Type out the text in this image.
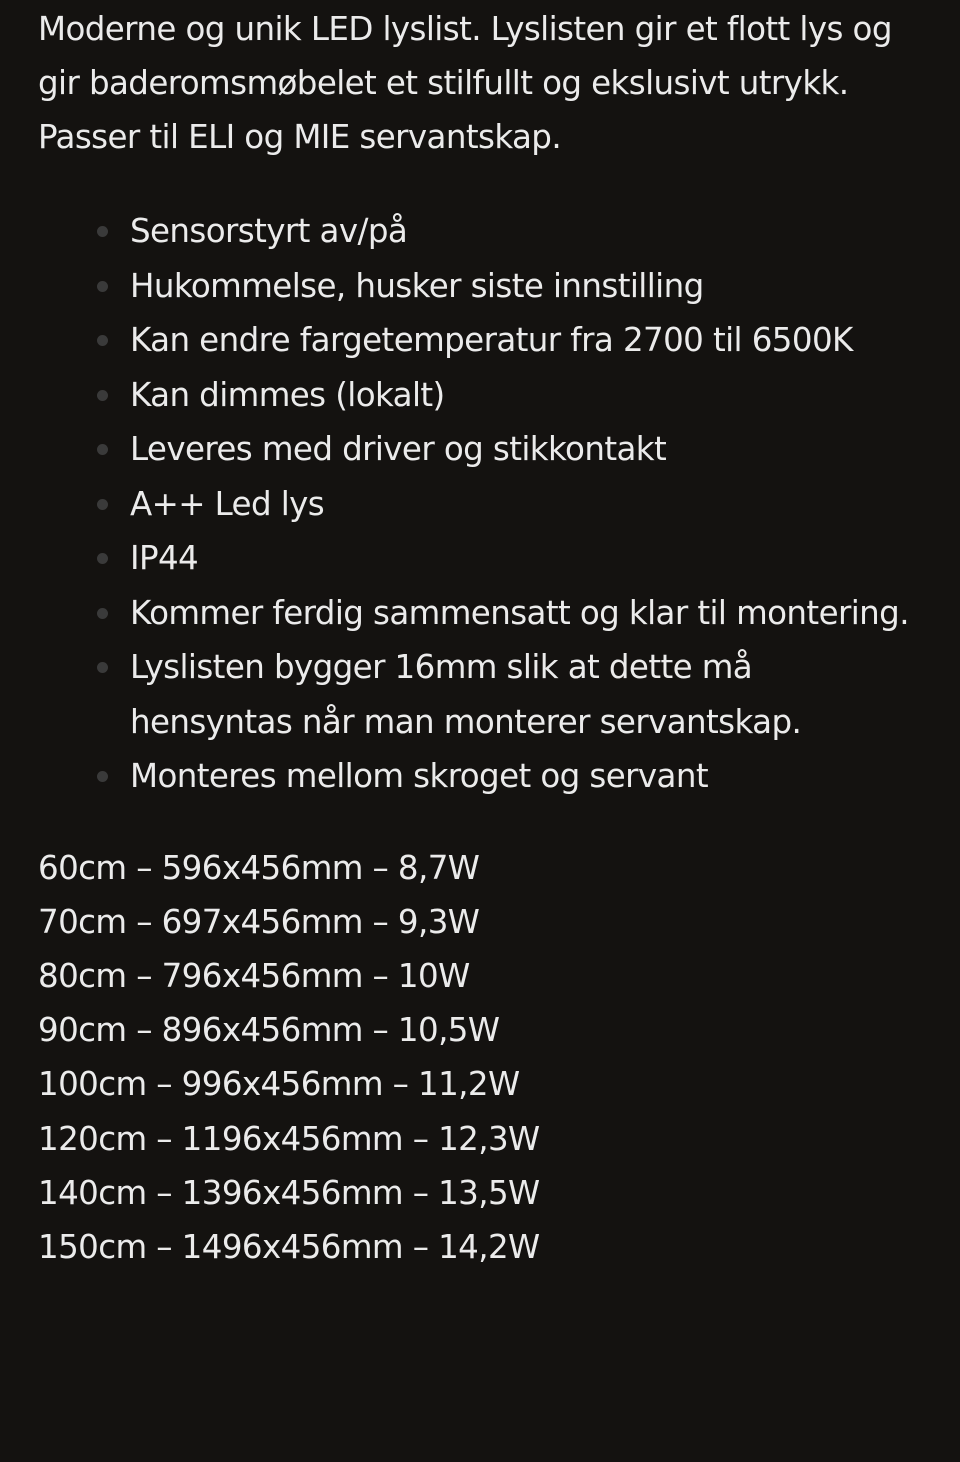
Moderne og unik LED lyslist. Lyslisten gir et flott lys og gir baderomsmøbelet et stilfullt og ekslusivt utrykk. Passer til ELI og MIE servantskap.

Sensorstyrt av/på
Hukommelse, husker siste innstilling
Kan endre fargetemperatur fra 2700 til 6500K
Kan dimmes (lokalt)
Leveres med driver og stikkontakt
A++ Led lys
IP44
Kommer ferdig sammensatt og klar til montering.
Lyslisten bygger 16mm slik at dette må hensyntas når man monterer servantskap.
Monteres mellom skroget og servant
60cm – 596x456mm – 8,7W
70cm – 697x456mm – 9,3W
80cm – 796x456mm – 10W
90cm – 896x456mm – 10,5W
100cm – 996x456mm – 11,2W
120cm – 1196x456mm – 12,3W
140cm – 1396x456mm – 13,5W
150cm – 1496x456mm – 14,2W
